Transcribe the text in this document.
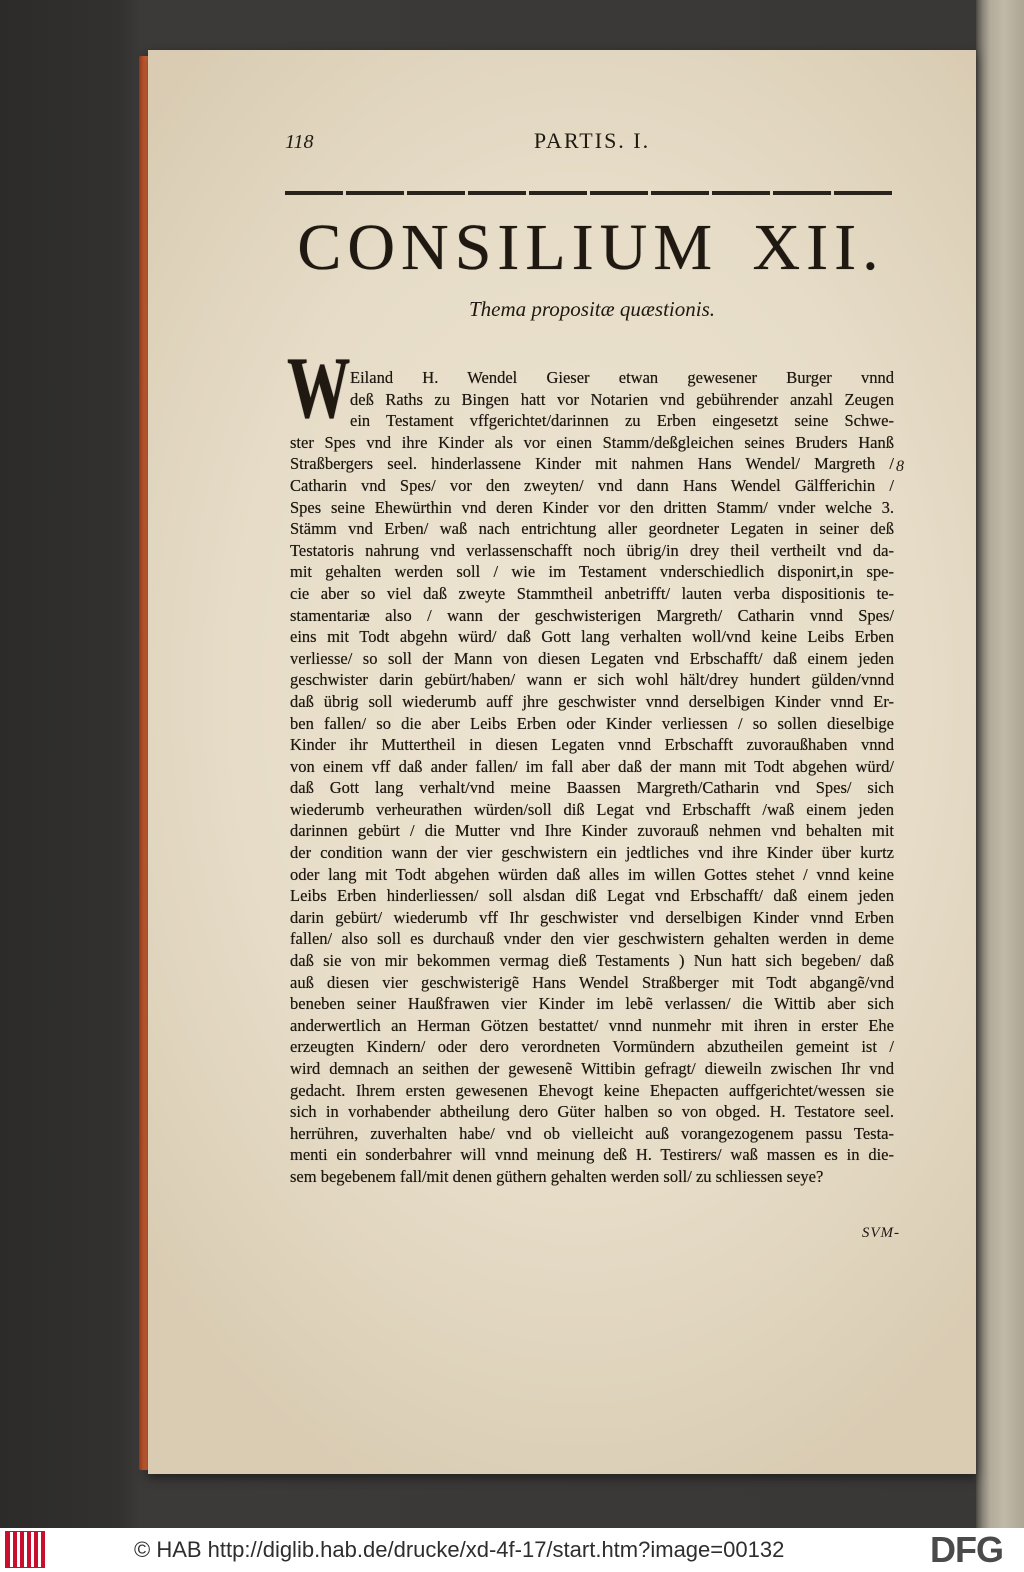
118	PARTIS. I.
CONSILIUM XII.
Thema propositæ quæstionis.
W Eiland H. Wendel Gieser etwan gewesener Burger vnnd
deß Raths zu Bingen hatt vor Notarien vnd gebührender anzahl Zeugen
ein Testament vffgerichtet/darinnen zu Erben eingesetzt seine Schwe-
ster Spes vnd ihre Kinder als vor einen Stamm/deßgleichen seines Bruders Hanß
Straßbergers seel. hinderlassene Kinder mit nahmen Hans Wendel/ Margreth /
Catharin vnd Spes/ vor den zweyten/ vnd dann Hans Wendel Gälfferichin /
Spes seine Ehewürthin vnd deren Kinder vor den dritten Stamm/ vnder welche 3.
Stämm vnd Erben/ waß nach entrichtung aller geordneter Legaten in seiner deß
Testatoris nahrung vnd verlassenschafft noch übrig/in drey theil vertheilt vnd da-
mit gehalten werden soll / wie im Testament vnderschiedlich disponirt,in spe-
cie aber so viel daß zweyte Stammtheil anbetrifft/ lauten verba dispositionis te-
stamentariæ also / wann der geschwisterigen Margreth/ Catharin vnnd Spes/
eins mit Todt abgehn würd/ daß Gott lang verhalten woll/vnd keine Leibs Erben
verliesse/ so soll der Mann von diesen Legaten vnd Erbschafft/ daß einem jeden
geschwister darin gebürt/haben/ wann er sich wohl hält/drey hundert gülden/vnnd
daß übrig soll wiederumb auff jhre geschwister vnnd derselbigen Kinder vnnd Er-
ben fallen/ so die aber Leibs Erben oder Kinder verliessen / so sollen dieselbige
Kinder ihr Muttertheil in diesen Legaten vnnd Erbschafft zuvoraußhaben vnnd
von einem vff daß ander fallen/ im fall aber daß der mann mit Todt abgehen würd/
daß Gott lang verhalt/vnd meine Baassen Margreth/Catharin vnd Spes/ sich
wiederumb verheurathen würden/soll diß Legat vnd Erbschafft /waß einem jeden
darinnen gebürt / die Mutter vnd Ihre Kinder zuvorauß nehmen vnd behalten mit
der condition wann der vier geschwistern ein jedtliches vnd ihre Kinder über kurtz
oder lang mit Todt abgehen würden daß alles im willen Gottes stehet / vnnd keine
Leibs Erben hinderliessen/ soll alsdan diß Legat vnd Erbschafft/ daß einem jeden
darin gebürt/ wiederumb vff Ihr geschwister vnd derselbigen Kinder vnnd Erben
fallen/ also soll es durchauß vnder den vier geschwistern gehalten werden in deme
daß sie von mir bekommen vermag dieß Testaments ) Nun hatt sich begeben/ daß
auß diesen vier geschwisterigẽ Hans Wendel Straßberger mit Todt abgangẽ/vnd
beneben seiner Haußfrawen vier Kinder im lebẽ verlassen/ die Wittib aber sich
anderwertlich an Herman Götzen bestattet/ vnnd nunmehr mit ihren in erster Ehe
erzeugten Kindern/ oder dero verordneten Vormündern abzutheilen gemeint ist /
wird demnach an seithen der gewesenẽ Wittibin gefragt/ dieweiln zwischen Ihr vnd
gedacht. Ihrem ersten gewesenen Ehevogt keine Ehepacten auffgerichtet/wessen sie
sich in vorhabender abtheilung dero Güter halben so von obged. H. Testatore seel.
herrühren, zuverhalten habe/ vnd ob vielleicht auß vorangezogenem passu Testa-
menti ein sonderbahrer will vnnd meinung deß H. Testirers/ waß massen es in die-
sem begebenem fall/mit denen güthern gehalten werden soll/ zu schliessen seye?
8
SVM-
© HAB http://diglib.hab.de/drucke/xd-4f-17/start.htm?image=00132	DFG
